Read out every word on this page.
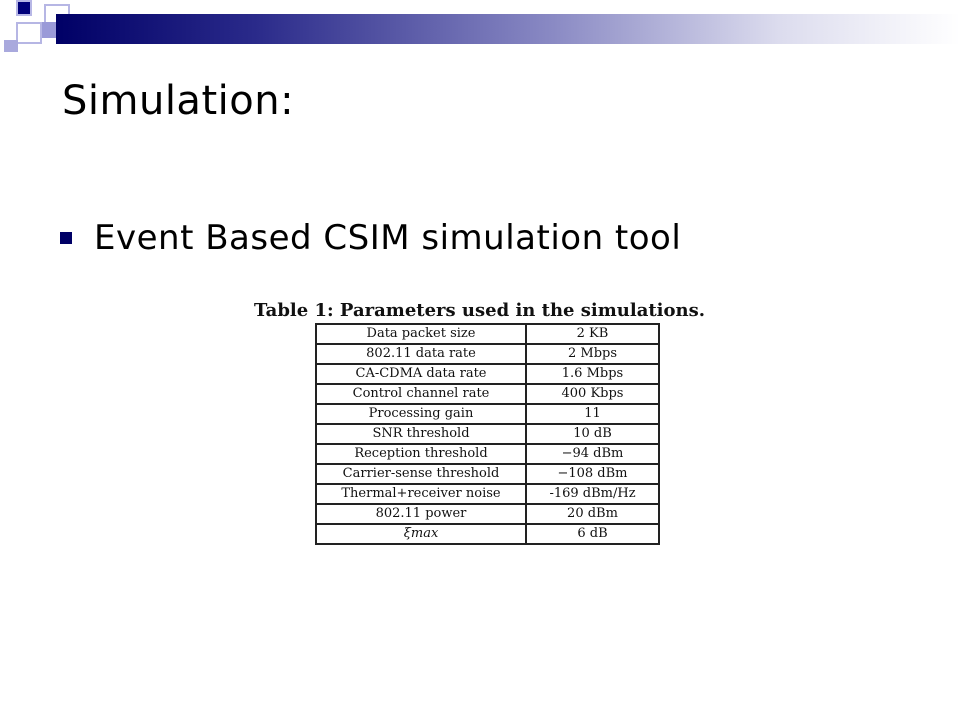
Simulation:
Event Based CSIM simulation tool
Table 1: Parameters used in the simulations.
Data packet size	2 KB
802.11 data rate	2 Mbps
CA-CDMA data rate	1.6 Mbps
Control channel rate	400 Kbps
Processing gain	11
SNR threshold	10 dB
Reception threshold	−94 dBm
Carrier-sense threshold	−108 dBm
Thermal+receiver noise	-169 dBm/Hz
802.11 power	20 dBm
ξmax	6 dB
